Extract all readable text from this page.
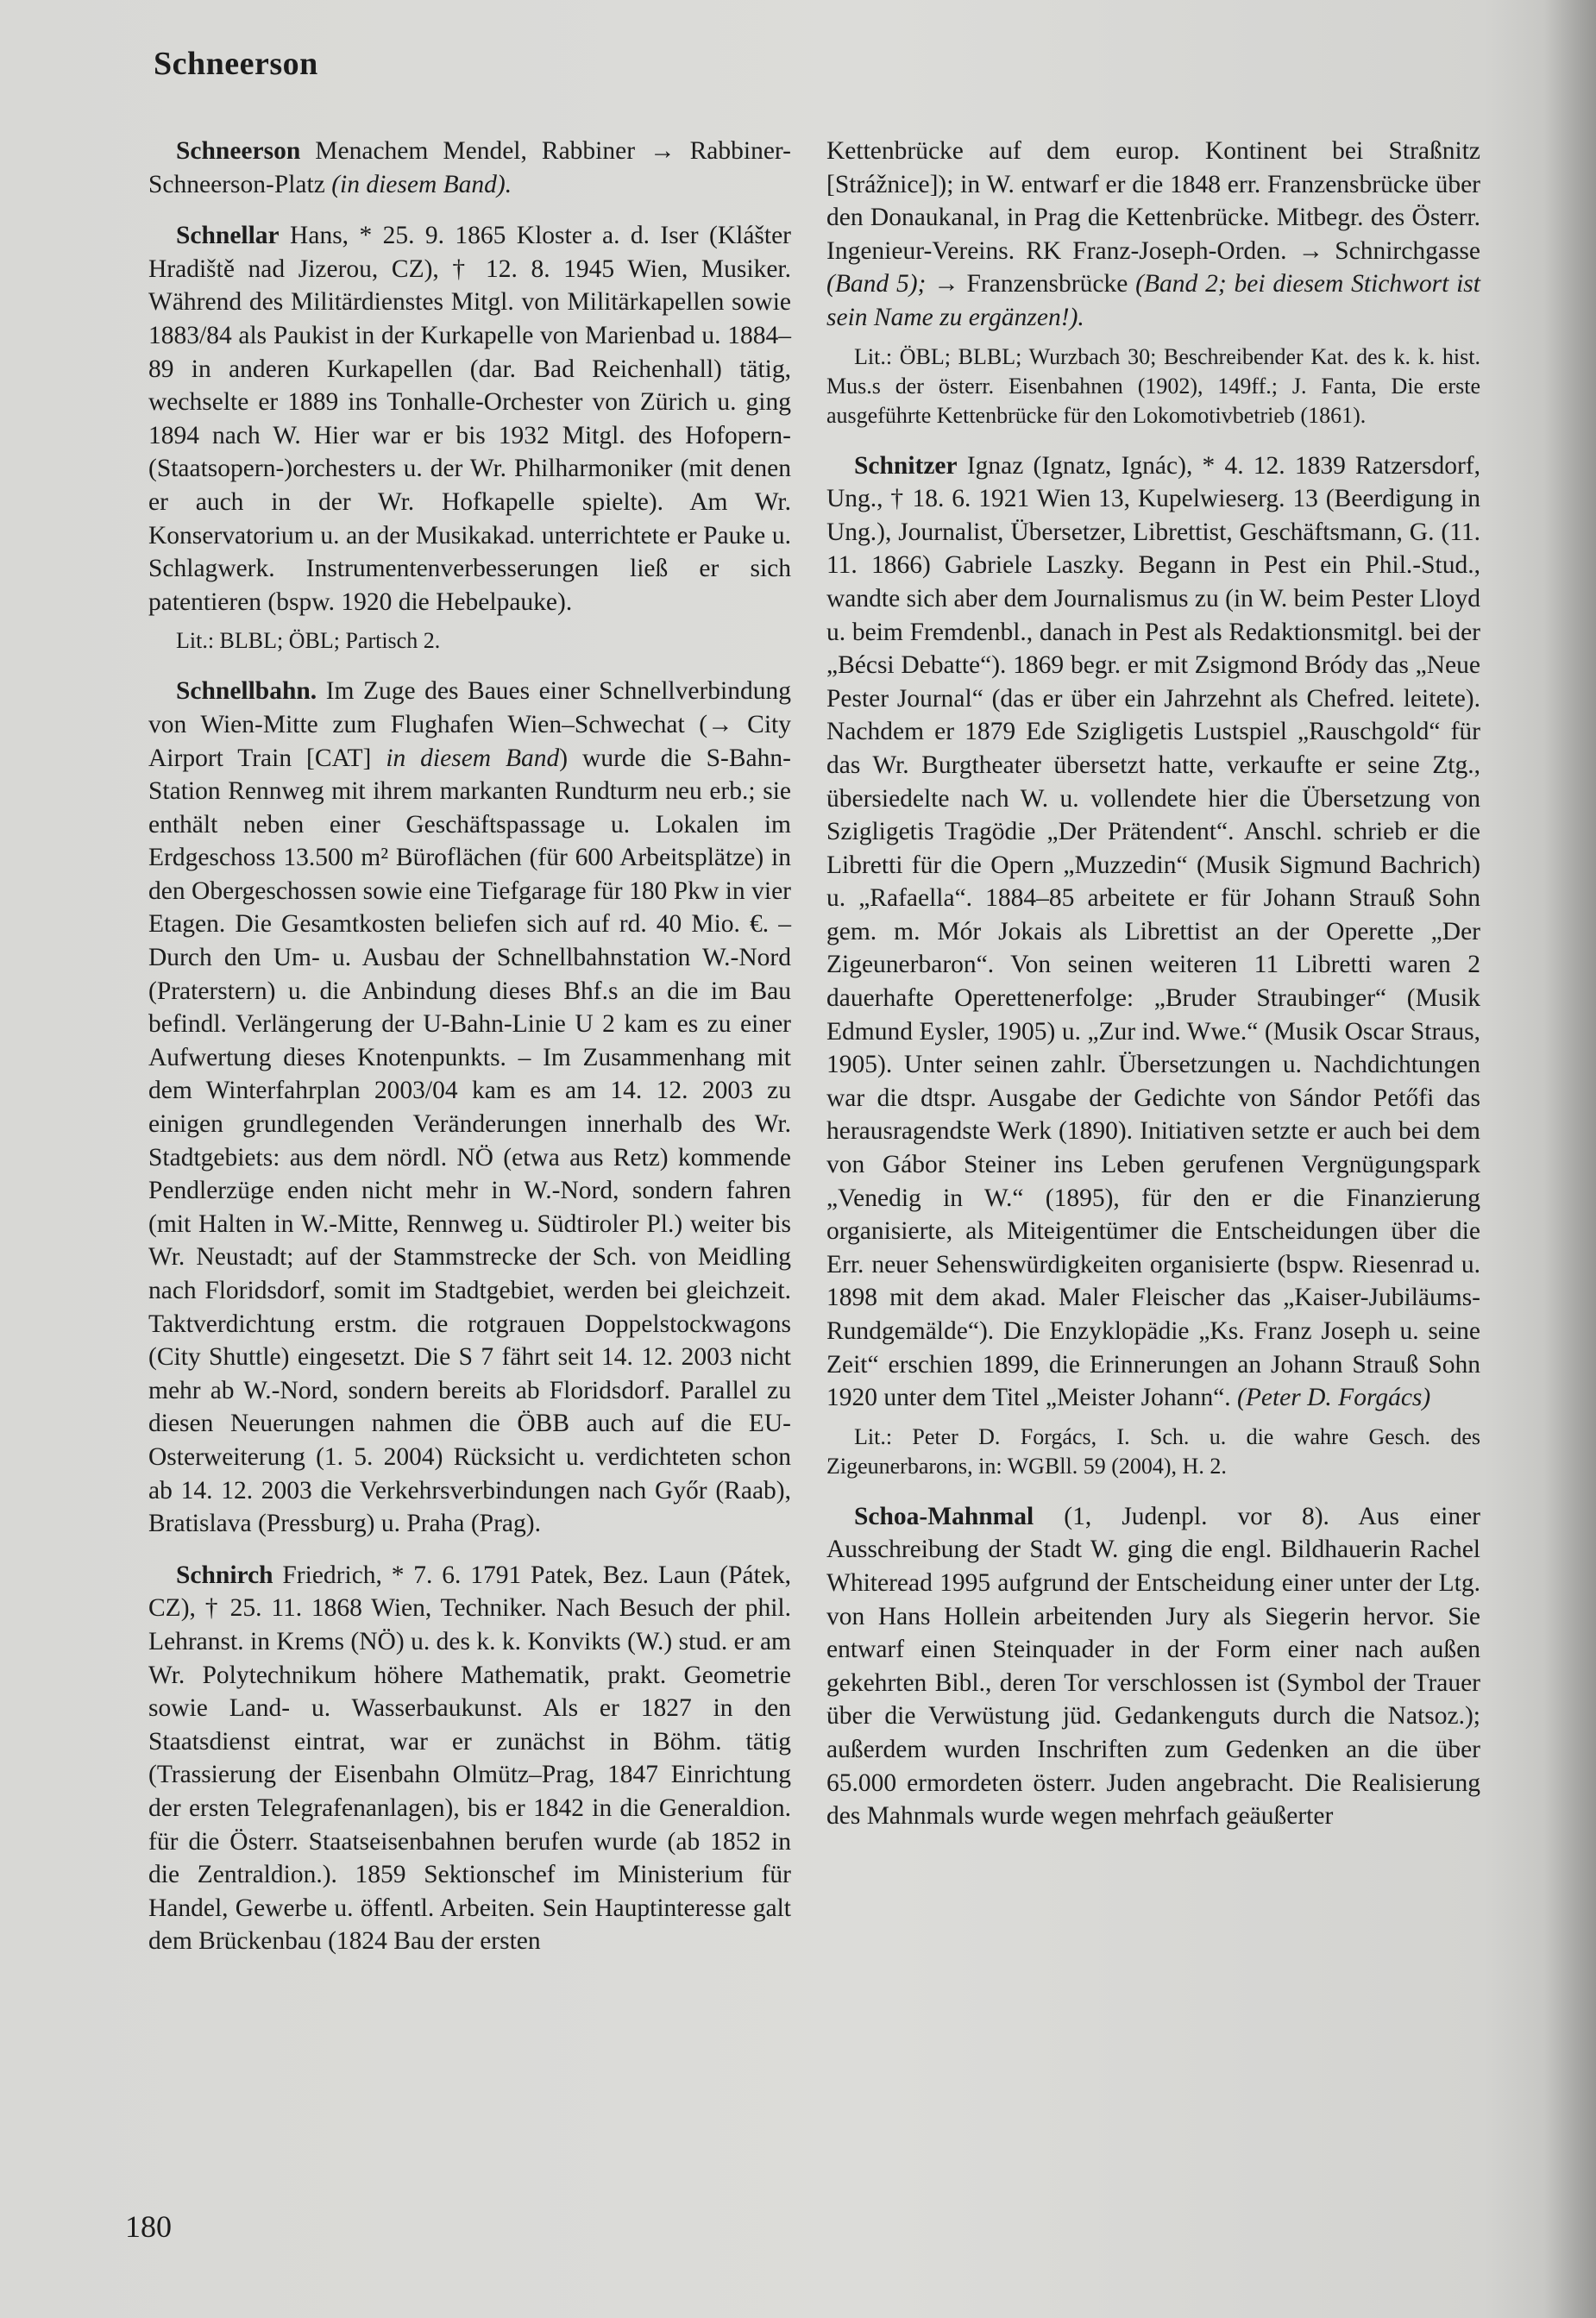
Schneerson

Schneerson Menachem Mendel, Rabbiner → Rabbiner-Schneerson-Platz (in diesem Band).

Schnellar Hans, * 25. 9. 1865 Kloster a. d. Iser (Klášter Hradiště nad Jizerou, CZ), † 12. 8. 1945 Wien, Musiker. Während des Militärdienstes Mitgl. von Militärkapellen sowie 1883/84 als Paukist in der Kurkapelle von Marienbad u. 1884–89 in anderen Kurkapellen (dar. Bad Reichenhall) tätig, wechselte er 1889 ins Tonhalle-Orchester von Zürich u. ging 1894 nach W. Hier war er bis 1932 Mitgl. des Hofopern-(Staatsopern-)orchesters u. der Wr. Philharmoniker (mit denen er auch in der Wr. Hofkapelle spielte). Am Wr. Konservatorium u. an der Musikakad. unterrichtete er Pauke u. Schlagwerk. Instrumentenverbesserungen ließ er sich patentieren (bspw. 1920 die Hebelpauke).

Lit.: BLBL; ÖBL; Partisch 2.

Schnellbahn. Im Zuge des Baues einer Schnellverbindung von Wien-Mitte zum Flughafen Wien–Schwechat (→ City Airport Train [CAT] in diesem Band) wurde die S-Bahn-Station Rennweg mit ihrem markanten Rundturm neu erb.; sie enthält neben einer Geschäftspassage u. Lokalen im Erdgeschoss 13.500 m² Büroflächen (für 600 Arbeitsplätze) in den Obergeschossen sowie eine Tiefgarage für 180 Pkw in vier Etagen. Die Gesamtkosten beliefen sich auf rd. 40 Mio. €. – Durch den Um- u. Ausbau der Schnellbahnstation W.-Nord (Praterstern) u. die Anbindung dieses Bhf.s an die im Bau befindl. Verlängerung der U-Bahn-Linie U 2 kam es zu einer Aufwertung dieses Knotenpunkts. – Im Zusammenhang mit dem Winterfahrplan 2003/04 kam es am 14. 12. 2003 zu einigen grundlegenden Veränderungen innerhalb des Wr. Stadtgebiets: aus dem nördl. NÖ (etwa aus Retz) kommende Pendlerzüge enden nicht mehr in W.-Nord, sondern fahren (mit Halten in W.-Mitte, Rennweg u. Südtiroler Pl.) weiter bis Wr. Neustadt; auf der Stammstrecke der Sch. von Meidling nach Floridsdorf, somit im Stadtgebiet, werden bei gleichzeit. Taktverdichtung erstm. die rotgrauen Doppelstockwagons (City Shuttle) eingesetzt. Die S 7 fährt seit 14. 12. 2003 nicht mehr ab W.-Nord, sondern bereits ab Floridsdorf. Parallel zu diesen Neuerungen nahmen die ÖBB auch auf die EU-Osterweiterung (1. 5. 2004) Rücksicht u. verdichteten schon ab 14. 12. 2003 die Verkehrsverbindungen nach Győr (Raab), Bratislava (Pressburg) u. Praha (Prag).

Schnirch Friedrich, * 7. 6. 1791 Patek, Bez. Laun (Pátek, CZ), † 25. 11. 1868 Wien, Techniker. Nach Besuch der phil. Lehranst. in Krems (NÖ) u. des k. k. Konvikts (W.) stud. er am Wr. Polytechnikum höhere Mathematik, prakt. Geometrie sowie Land- u. Wasserbaukunst. Als er 1827 in den Staatsdienst eintrat, war er zunächst in Böhm. tätig (Trassierung der Eisenbahn Olmütz–Prag, 1847 Einrichtung der ersten Telegrafenanlagen), bis er 1842 in die Generaldion. für die Österr. Staatseisenbahnen berufen wurde (ab 1852 in die Zentraldion.). 1859 Sektionschef im Ministerium für Handel, Gewerbe u. öffentl. Arbeiten. Sein Hauptinteresse galt dem Brückenbau (1824 Bau der ersten

Kettenbrücke auf dem europ. Kontinent bei Straßnitz [Strážnice]); in W. entwarf er die 1848 err. Franzensbrücke über den Donaukanal, in Prag die Kettenbrücke. Mitbegr. des Österr. Ingenieur-Vereins. RK Franz-Joseph-Orden. → Schnirchgasse (Band 5); → Franzensbrücke (Band 2; bei diesem Stichwort ist sein Name zu ergänzen!).

Lit.: ÖBL; BLBL; Wurzbach 30; Beschreibender Kat. des k. k. hist. Mus.s der österr. Eisenbahnen (1902), 149ff.; J. Fanta, Die erste ausgeführte Kettenbrücke für den Lokomotivbetrieb (1861).

Schnitzer Ignaz (Ignatz, Ignác), * 4. 12. 1839 Ratzersdorf, Ung., † 18. 6. 1921 Wien 13, Kupelwieserg. 13 (Beerdigung in Ung.), Journalist, Übersetzer, Librettist, Geschäftsmann, G. (11. 11. 1866) Gabriele Laszky. Begann in Pest ein Phil.-Stud., wandte sich aber dem Journalismus zu (in W. beim Pester Lloyd u. beim Fremdenbl., danach in Pest als Redaktionsmitgl. bei der „Bécsi Debatte“). 1869 begr. er mit Zsigmond Bródy das „Neue Pester Journal“ (das er über ein Jahrzehnt als Chefred. leitete). Nachdem er 1879 Ede Szigligetis Lustspiel „Rauschgold“ für das Wr. Burgtheater übersetzt hatte, verkaufte er seine Ztg., übersiedelte nach W. u. vollendete hier die Übersetzung von Szigligetis Tragödie „Der Prätendent“. Anschl. schrieb er die Libretti für die Opern „Muzzedin“ (Musik Sigmund Bachrich) u. „Rafaella“. 1884–85 arbeitete er für Johann Strauß Sohn gem. m. Mór Jokais als Librettist an der Operette „Der Zigeunerbaron“. Von seinen weiteren 11 Libretti waren 2 dauerhafte Operettenerfolge: „Bruder Straubinger“ (Musik Edmund Eysler, 1905) u. „Zur ind. Wwe.“ (Musik Oscar Straus, 1905). Unter seinen zahlr. Übersetzungen u. Nachdichtungen war die dtspr. Ausgabe der Gedichte von Sándor Petőfi das herausragendste Werk (1890). Initiativen setzte er auch bei dem von Gábor Steiner ins Leben gerufenen Vergnügungspark „Venedig in W.“ (1895), für den er die Finanzierung organisierte, als Miteigentümer die Entscheidungen über die Err. neuer Sehenswürdigkeiten organisierte (bspw. Riesenrad u. 1898 mit dem akad. Maler Fleischer das „Kaiser-Jubiläums-Rundgemälde“). Die Enzyklopädie „Ks. Franz Joseph u. seine Zeit“ erschien 1899, die Erinnerungen an Johann Strauß Sohn 1920 unter dem Titel „Meister Johann“. (Peter D. Forgács)

Lit.: Peter D. Forgács, I. Sch. u. die wahre Gesch. des Zigeunerbarons, in: WGBll. 59 (2004), H. 2.

Schoa-Mahnmal (1, Judenpl. vor 8). Aus einer Ausschreibung der Stadt W. ging die engl. Bildhauerin Rachel Whiteread 1995 aufgrund der Entscheidung einer unter der Ltg. von Hans Hollein arbeitenden Jury als Siegerin hervor. Sie entwarf einen Steinquader in der Form einer nach außen gekehrten Bibl., deren Tor verschlossen ist (Symbol der Trauer über die Verwüstung jüd. Gedankenguts durch die Natsoz.); außerdem wurden Inschriften zum Gedenken an die über 65.000 ermordeten österr. Juden angebracht. Die Realisierung des Mahnmals wurde wegen mehrfach geäußerter

180
